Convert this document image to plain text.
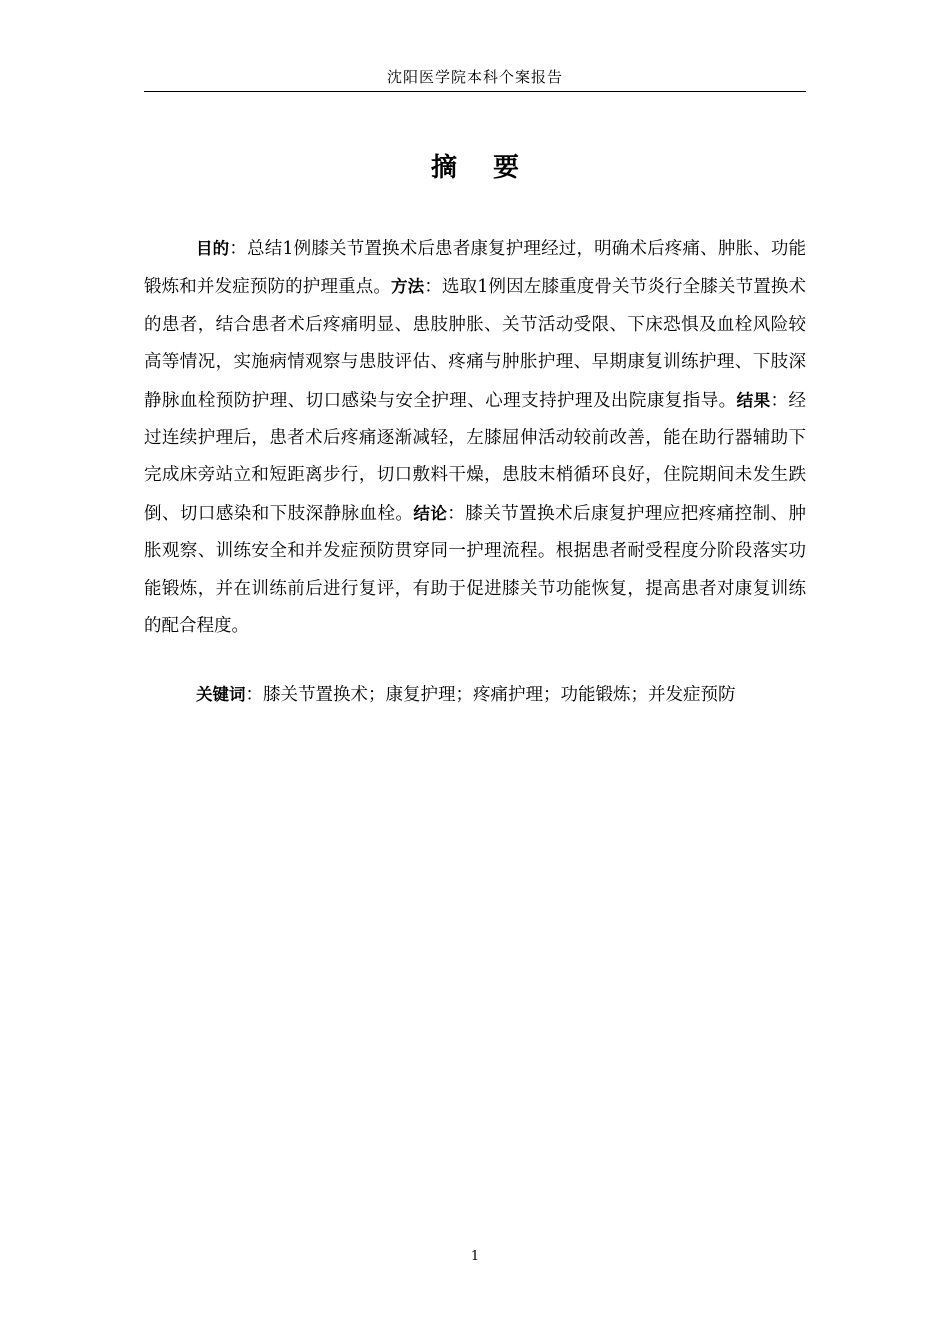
沈阳医学院本科个案报告
摘要

目的：总结1例膝关节置换术后患者康复护理经过，明确术后疼痛、肿胀、功能锻炼和并发症预防的护理重点。方法：选取1例因左膝重度骨关节炎行全膝关节置换术的患者，结合患者术后疼痛明显、患肢肿胀、关节活动受限、下床恐惧及血栓风险较高等情况，实施病情观察与患肢评估、疼痛与肿胀护理、早期康复训练护理、下肢深静脉血栓预防护理、切口感染与安全护理、心理支持护理及出院康复指导。结果：经过连续护理后，患者术后疼痛逐渐减轻，左膝屈伸活动较前改善，能在助行器辅助下完成床旁站立和短距离步行，切口敷料干燥，患肢末梢循环良好，住院期间未发生跌倒、切口感染和下肢深静脉血栓。结论：膝关节置换术后康复护理应把疼痛控制、肿胀观察、训练安全和并发症预防贯穿同一护理流程。根据患者耐受程度分阶段落实功能锻炼，并在训练前后进行复评，有助于促进膝关节功能恢复，提高患者对康复训练的配合程度。

关键词：膝关节置换术；康复护理；疼痛护理；功能锻炼；并发症预防

1
